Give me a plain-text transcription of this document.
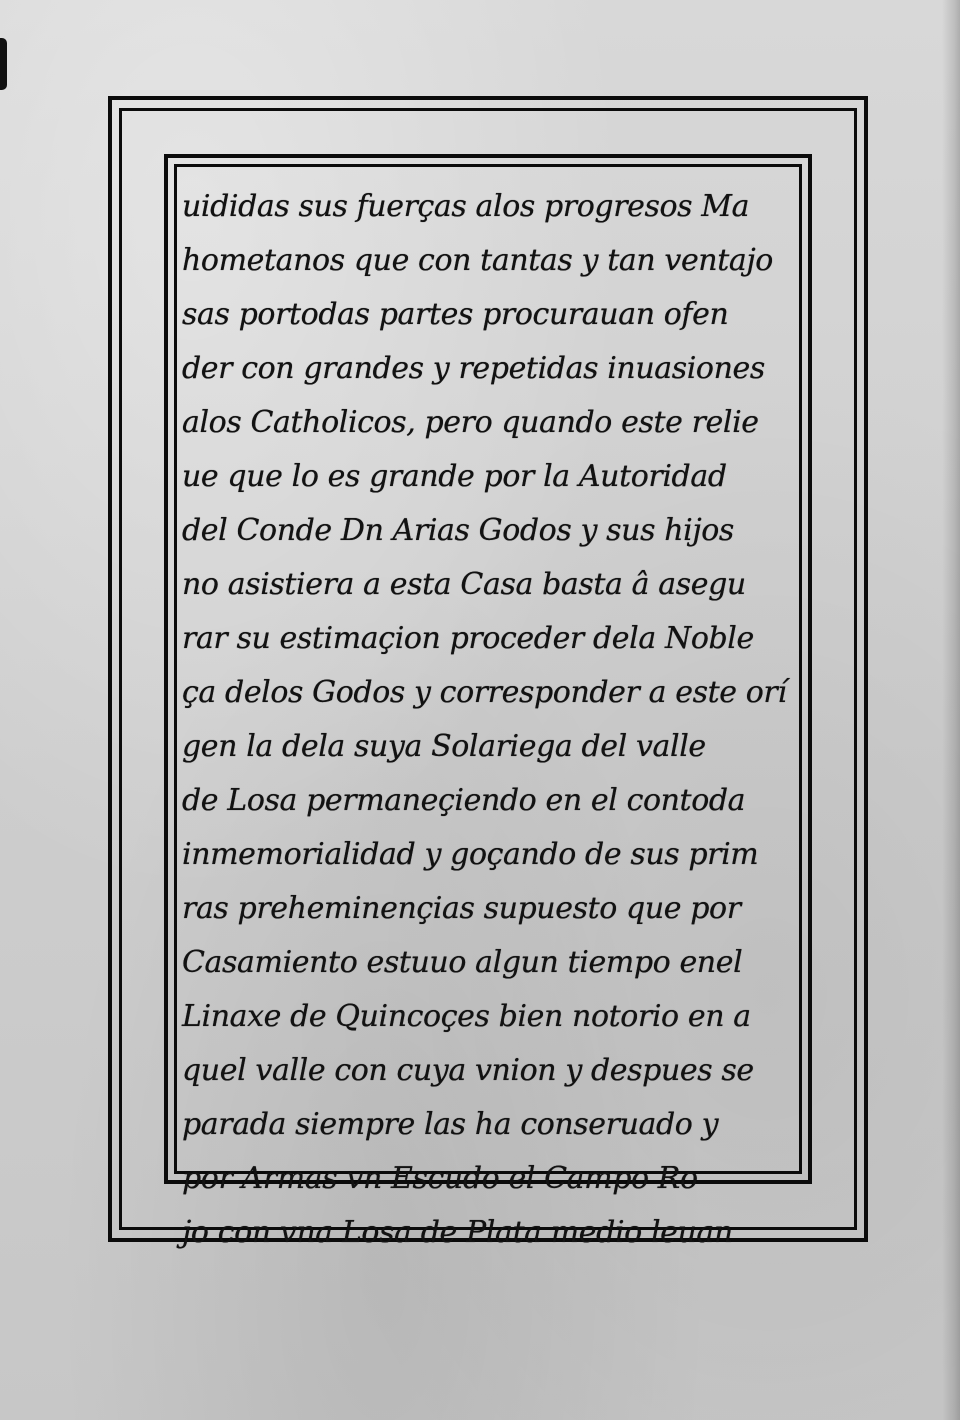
uididas sus fuerças alos progresos Ma
hometanos que con tantas y tan ventajo
sas portodas partes procurauan ofen
der con grandes y repetidas inuasiones
alos Catholicos, pero quando este relie
ue que lo es grande por la Autoridad
del Conde Dn Arias Godos y sus hijos
no asistiera a esta Casa basta â asegu
rar su estimaçion proceder dela Noble
ça delos Godos y corresponder a este orí
gen la dela suya Solariega del valle
de Losa permaneçiendo en el contoda
inmemorialidad y goçando de sus prim
ras preheminençias supuesto que por
Casamiento estuuo algun tiempo enel
Linaxe de Quincoçes bien notorio en a
quel valle con cuya vnion y despues se
parada siempre las ha conseruado y
por Armas vn Escudo el Campo Ro
jo con vna Losa de Plata medio leuan
